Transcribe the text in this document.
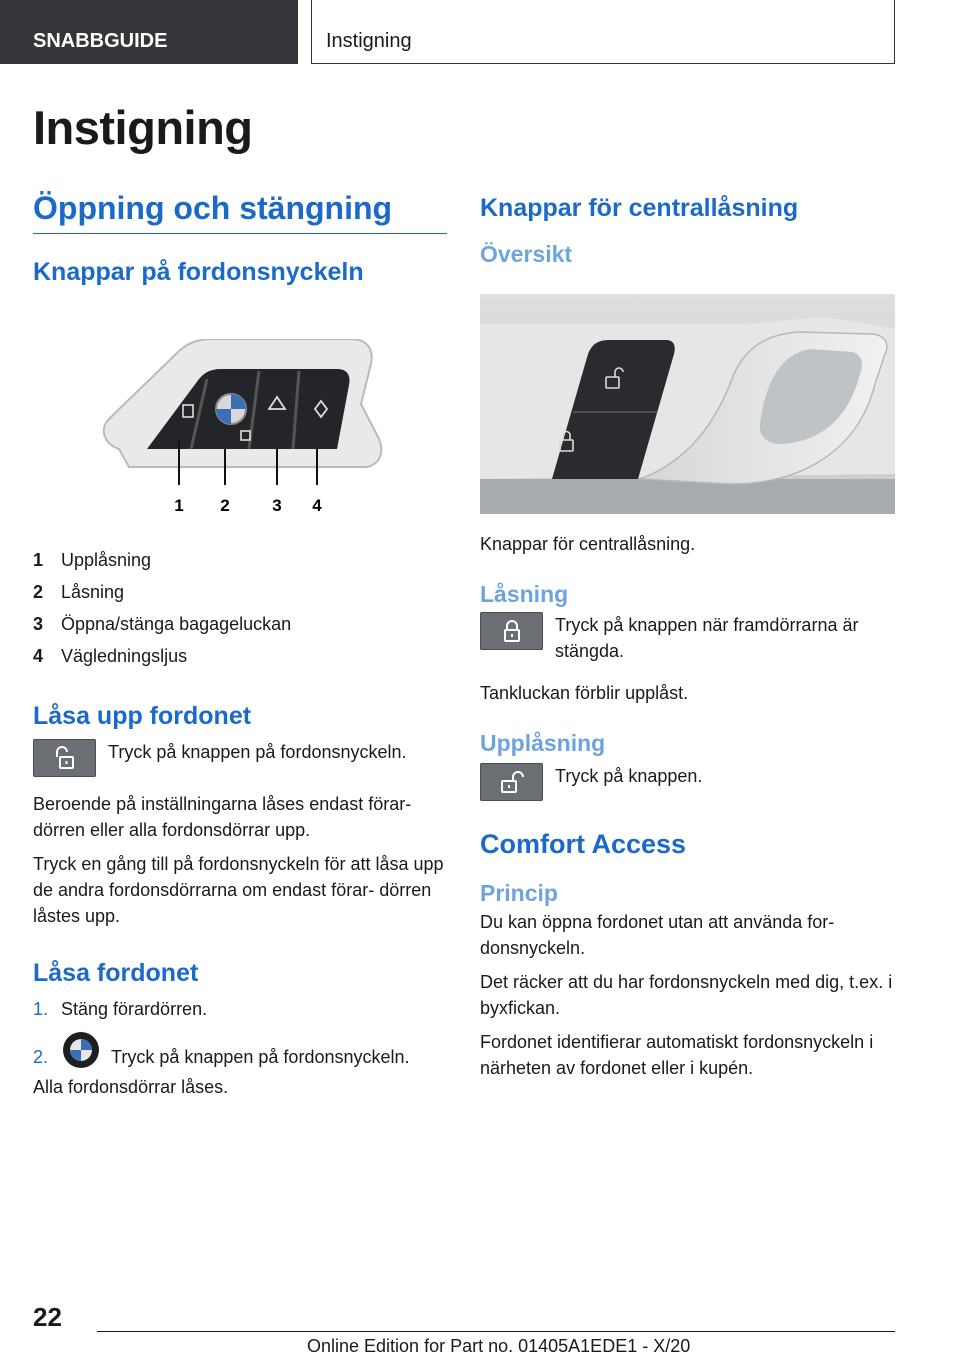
SNABBGUIDE	Instigning
Instigning
Öppning och stängning
Knappar på fordonsnyckeln
1 2	3 4
1 Upplåsning
2 Låsning
3 Öppna/stänga bagageluckan
4 Vägledningsljus
Låsa upp fordonet

Tryck på knappen på fordonsnyckeln.

Beroende på inställningarna låses endast förar- dörren eller alla fordonsdörrar upp.

Tryck en gång till på fordonsnyckeln för att låsa upp de andra fordonsdörrarna om endast förar- dörren låstes upp.

Låsa fordonet
1. Stäng förardörren.
2.	Tryck på knappen på fordonsnyckeln.

Alla fordonsdörrar låses.

Knappar för centrallåsning
Översikt

Knappar för centrallåsning.

Låsning

Tryck på knappen när framdörrarna är stängda.

Tankluckan förblir upplåst.

Upplåsning

Tryck på knappen.

Comfort Access
Princip

Du kan öppna fordonet utan att använda for- donsnyckeln.

Det räcker att du har fordonsnyckeln med dig, t.ex. i byxfickan.

Fordonet identifierar automatiskt fordonsnyckeln i närheten av fordonet eller i kupén.

22
Online Edition for Part no. 01405A1EDE1 - X/20
